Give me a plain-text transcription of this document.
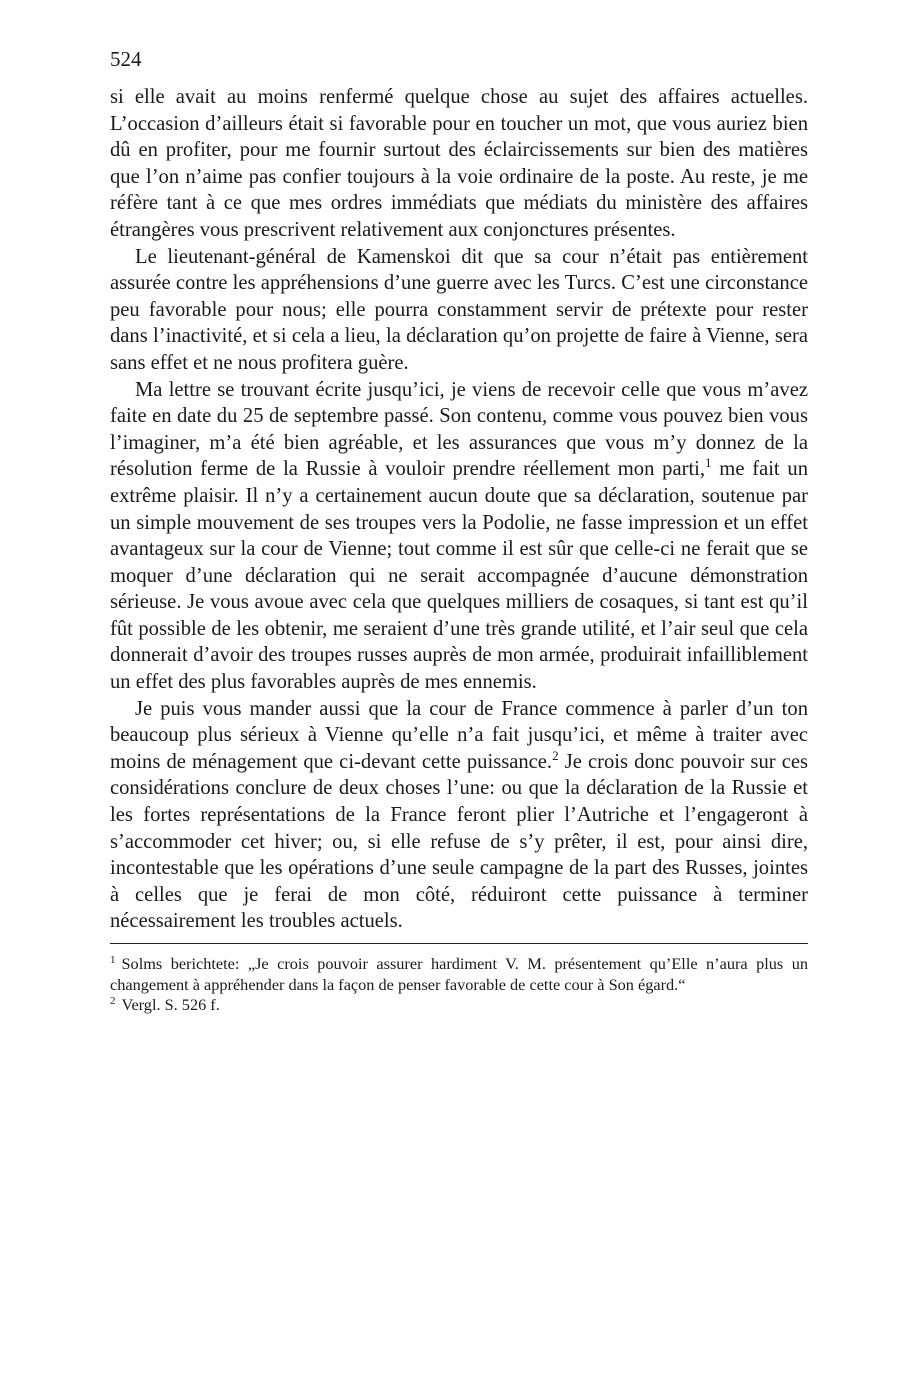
524

si elle avait au moins renfermé quelque chose au sujet des affaires actuelles. L’occasion d’ailleurs était si favorable pour en toucher un mot, que vous auriez bien dû en profiter, pour me fournir surtout des éclaircissements sur bien des matières que l’on n’aime pas confier toujours à la voie ordinaire de la poste. Au reste, je me réfère tant à ce que mes ordres immédiats que médiats du ministère des affaires étrangères vous prescrivent relativement aux conjonctures présentes.

Le lieutenant-général de Kamenskoi dit que sa cour n’était pas entièrement assurée contre les appréhensions d’une guerre avec les Turcs. C’est une circonstance peu favorable pour nous; elle pourra constamment servir de prétexte pour rester dans l’inactivité, et si cela a lieu, la déclaration qu’on projette de faire à Vienne, sera sans effet et ne nous profitera guère.

Ma lettre se trouvant écrite jusqu’ici, je viens de recevoir celle que vous m’avez faite en date du 25 de septembre passé. Son contenu, comme vous pouvez bien vous l’imaginer, m’a été bien agréable, et les assurances que vous m’y donnez de la résolution ferme de la Russie à vouloir prendre réellement mon parti,$^1$ me fait un extrême plaisir. Il n’y a certainement aucun doute que sa déclaration, soutenue par un simple mouvement de ses troupes vers la Podolie, ne fasse impression et un effet avantageux sur la cour de Vienne; tout comme il est sûr que celle-ci ne ferait que se moquer d’une déclaration qui ne serait accompagnée d’aucune démonstration sérieuse. Je vous avoue avec cela que quelques milliers de cosaques, si tant est qu’il fût possible de les obtenir, me seraient d’une très grande utilité, et l’air seul que cela donnerait d’avoir des troupes russes auprès de mon armée, produirait infailliblement un effet des plus favorables auprès de mes ennemis.

Je puis vous mander aussi que la cour de France commence à parler d’un ton beaucoup plus sérieux à Vienne qu’elle n’a fait jusqu’ici, et même à traiter avec moins de ménagement que ci-devant cette puissance.$^2$ Je crois donc pouvoir sur ces considérations conclure de deux choses l’une: ou que la déclaration de la Russie et les fortes représentations de la France feront plier l’Autriche et l’engageront à s’accommoder cet hiver; ou, si elle refuse de s’y prêter, il est, pour ainsi dire, incontestable que les opérations d’une seule campagne de la part des Russes, jointes à celles que je ferai de mon côté, réduiront cette puissance à terminer nécessairement les troubles actuels.

$^1$ Solms berichtete: „Je crois pouvoir assurer hardiment V. M. présentement qu’Elle n’aura plus un changement à appréhender dans la façon de penser favorable de cette cour à Son égard.“

$^2$ Vergl. S. 526 f.
